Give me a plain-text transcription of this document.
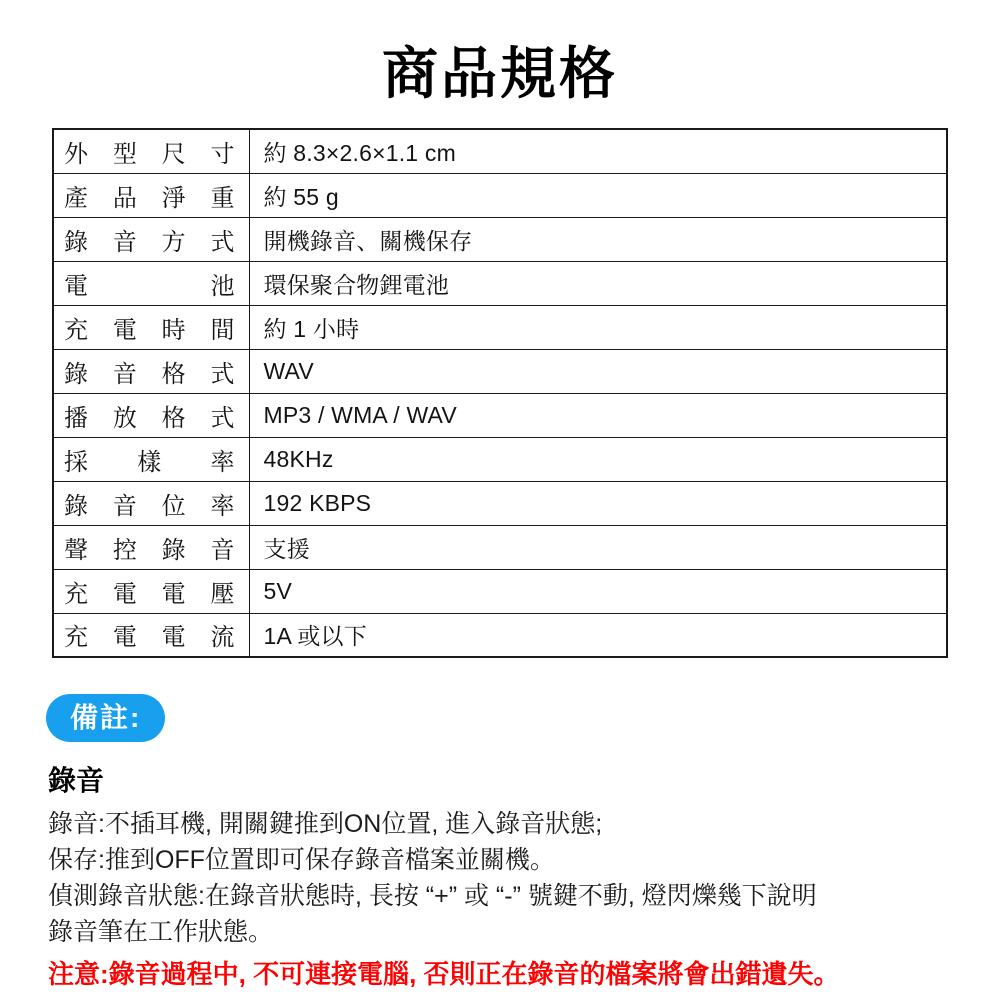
商品規格
外型尺寸	約 8.3×2.6×1.1 cm
產品淨重	約 55 g
錄音方式	開機錄音、關機保存
電池	環保聚合物鋰電池
充電時間	約 1 小時
錄音格式	WAV
播放格式	MP3 / WMA / WAV
採樣率	48KHz
錄音位率	192 KBPS
聲控錄音	支援
充電電壓	5V
充電電流	1A 或以下
備註:
錄音
錄音:不插耳機, 開關鍵推到ON位置, 進入錄音狀態;
保存:推到OFF位置即可保存錄音檔案並關機。
偵測錄音狀態:在錄音狀態時, 長按 “+” 或 “-” 號鍵不動, 燈閃爍幾下說明
錄音筆在工作狀態。
注意:錄音過程中, 不可連接電腦, 否則正在錄音的檔案將會出錯遺失。
